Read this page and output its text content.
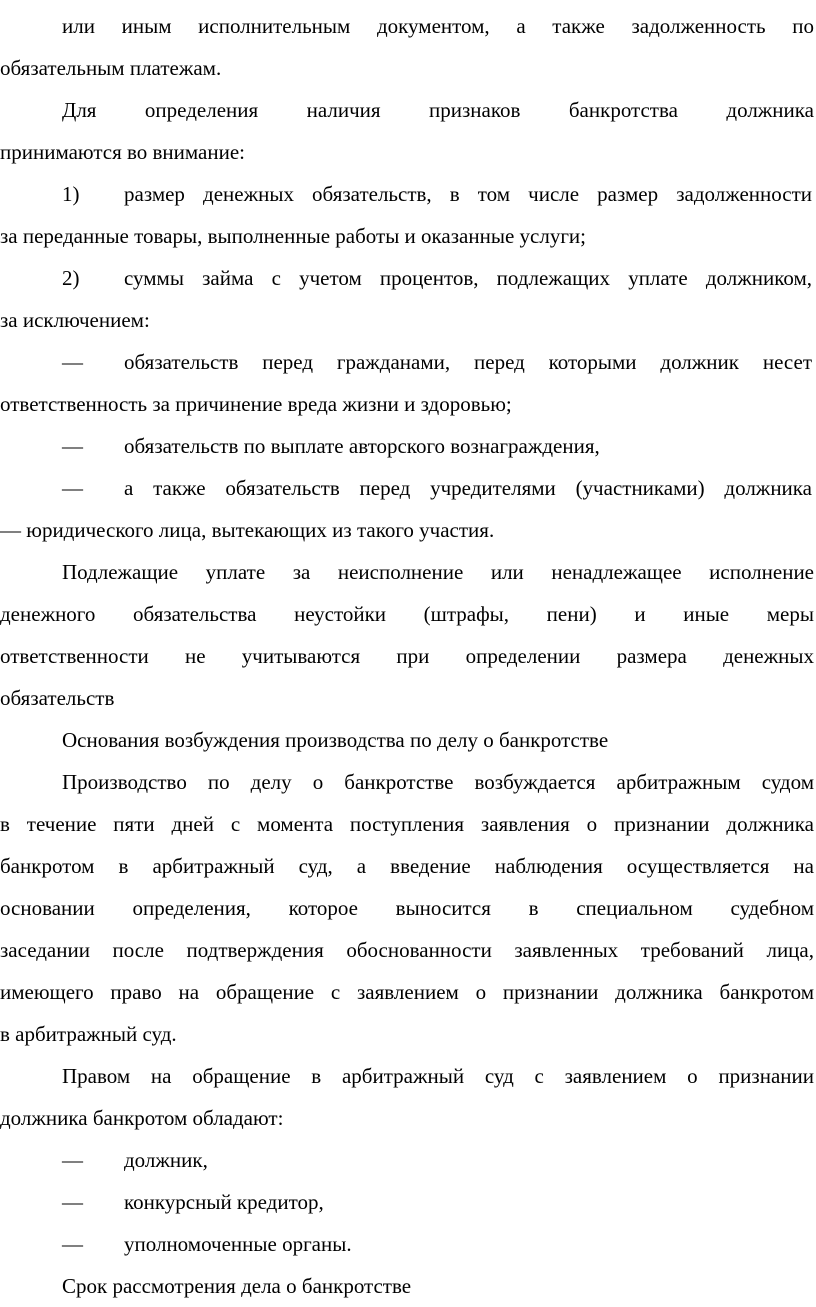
или иным исполнительным документом, а также задолженность по
обязательным платежам.
Для определения наличия признаков банкротства должника
принимаются во внимание:
1) размер денежных обязательств, в том числе размер задолженности
за переданные товары, выполненные работы и оказанные услуги;
2) суммы займа с учетом процентов, подлежащих уплате должником,
за исключением:
— обязательств перед гражданами, перед которыми должник несет
ответственность за причинение вреда жизни и здоровью;
— обязательств по выплате авторского вознаграждения,
— а также обязательств перед учредителями (участниками) должника
— юридического лица, вытекающих из такого участия.
Подлежащие уплате за неисполнение или ненадлежащее исполнение
денежного обязательства неустойки (штрафы, пени) и иные меры
ответственности не учитываются при определении размера денежных
обязательств
Основания возбуждения производства по делу о банкротстве
Производство по делу о банкротстве возбуждается арбитражным судом
в течение пяти дней с момента поступления заявления о признании должника
банкротом в арбитражный суд, а введение наблюдения осуществляется на
основании определения, которое выносится в специальном судебном
заседании после подтверждения обоснованности заявленных требований лица,
имеющего право на обращение с заявлением о признании должника банкротом
в арбитражный суд.
Правом на обращение в арбитражный суд с заявлением о признании
должника банкротом обладают:
— должник,
— конкурсный кредитор,
— уполномоченные органы.
Срок рассмотрения дела о банкротстве
